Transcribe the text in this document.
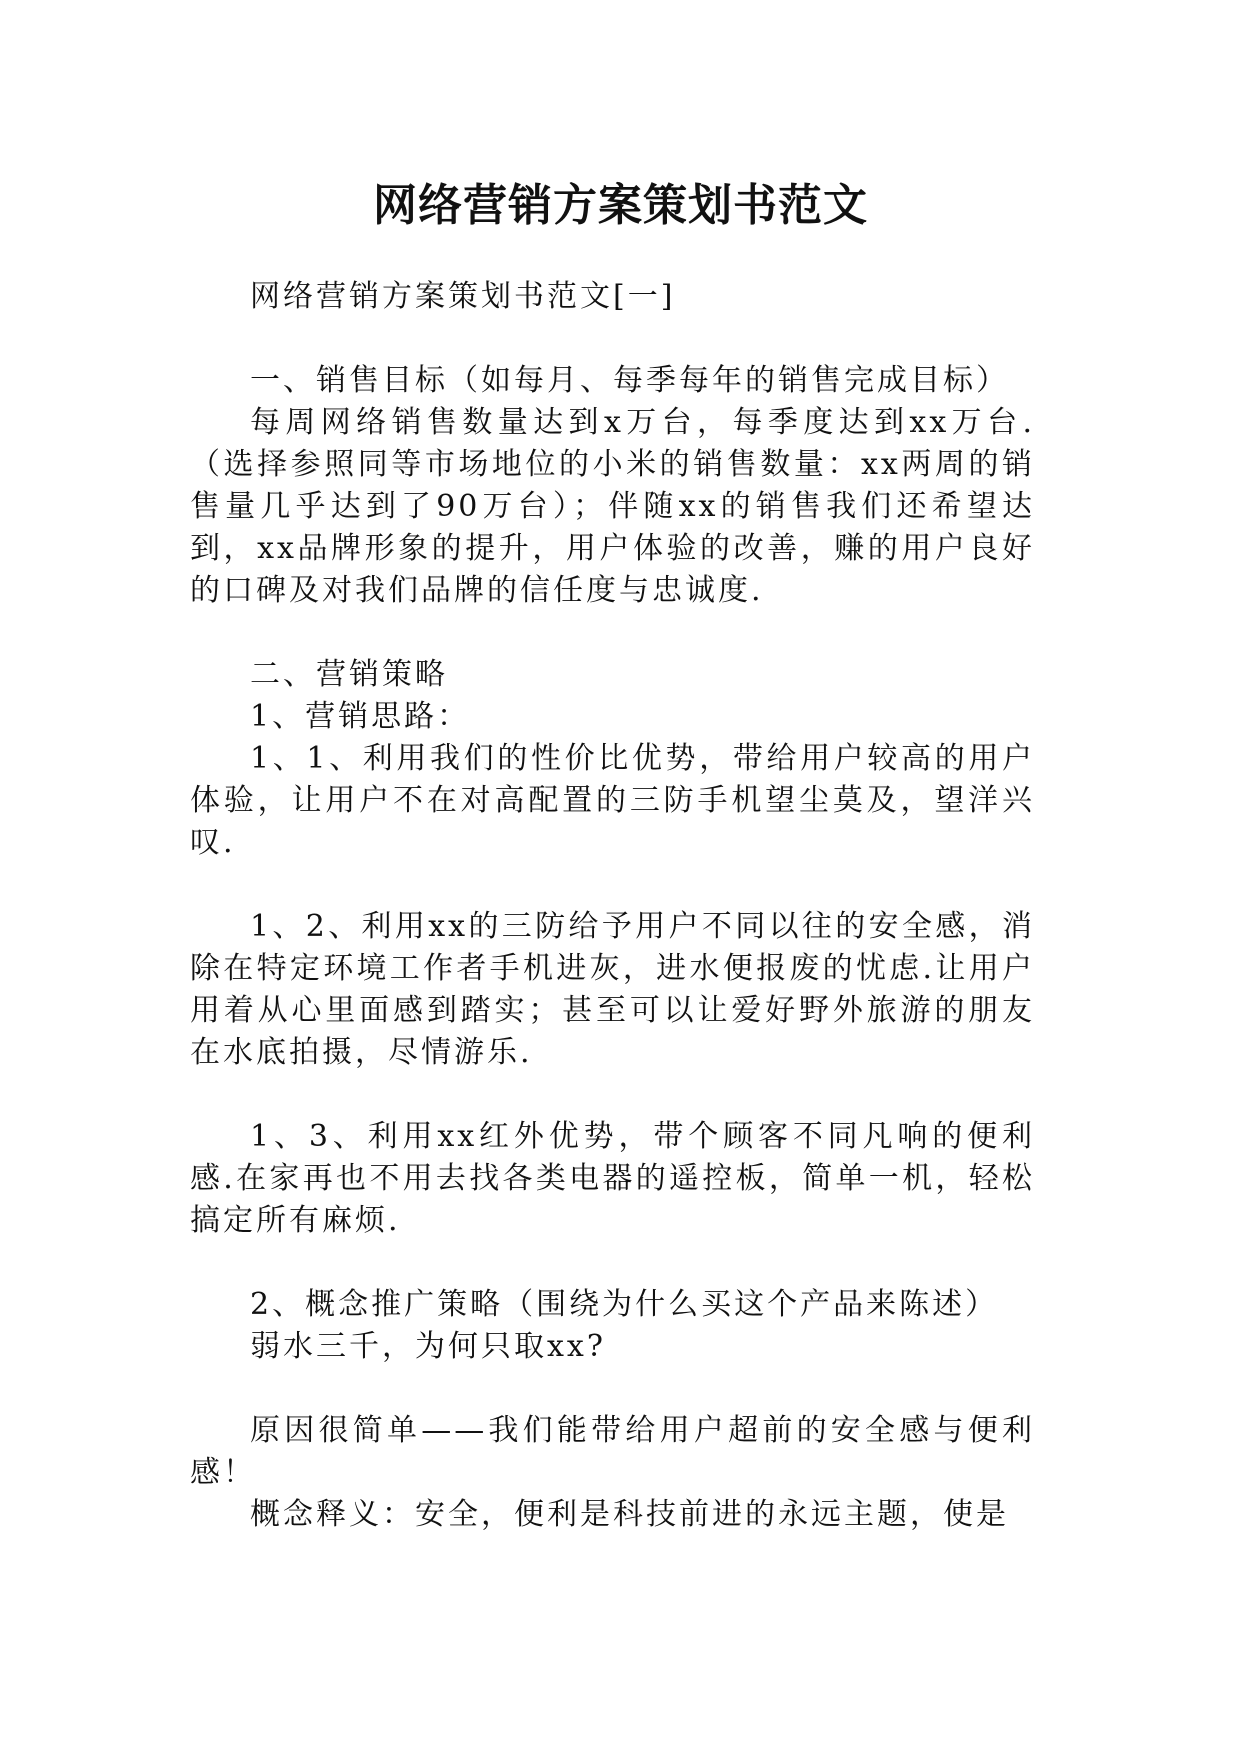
网络营销方案策划书范文

网络营销方案策划书范文[一]

一、销售目标（如每月、每季每年的销售完成目标）

每周网络销售数量达到x万台，每季度达到xx万台.（选择参照同等市场地位的小米的销售数量：xx两周的销售量几乎达到了90万台）；伴随xx的销售我们还希望达到，xx品牌形象的提升，用户体验的改善，赚的用户良好的口碑及对我们品牌的信任度与忠诚度.

二、营销策略

1、营销思路：

1、1、利用我们的性价比优势，带给用户较高的用户体验，让用户不在对高配置的三防手机望尘莫及，望洋兴叹.

1、2、利用xx的三防给予用户不同以往的安全感，消除在特定环境工作者手机进灰，进水便报废的忧虑.让用户用着从心里面感到踏实；甚至可以让爱好野外旅游的朋友在水底拍摄，尽情游乐.

1、3、利用xx红外优势，带个顾客不同凡响的便利感.在家再也不用去找各类电器的遥控板，简单一机，轻松搞定所有麻烦.

2、概念推广策略（围绕为什么买这个产品来陈述）

弱水三千，为何只取xx?

原因很简单——我们能带给用户超前的安全感与便利感！

概念释义：安全，便利是科技前进的永远主题，使是
